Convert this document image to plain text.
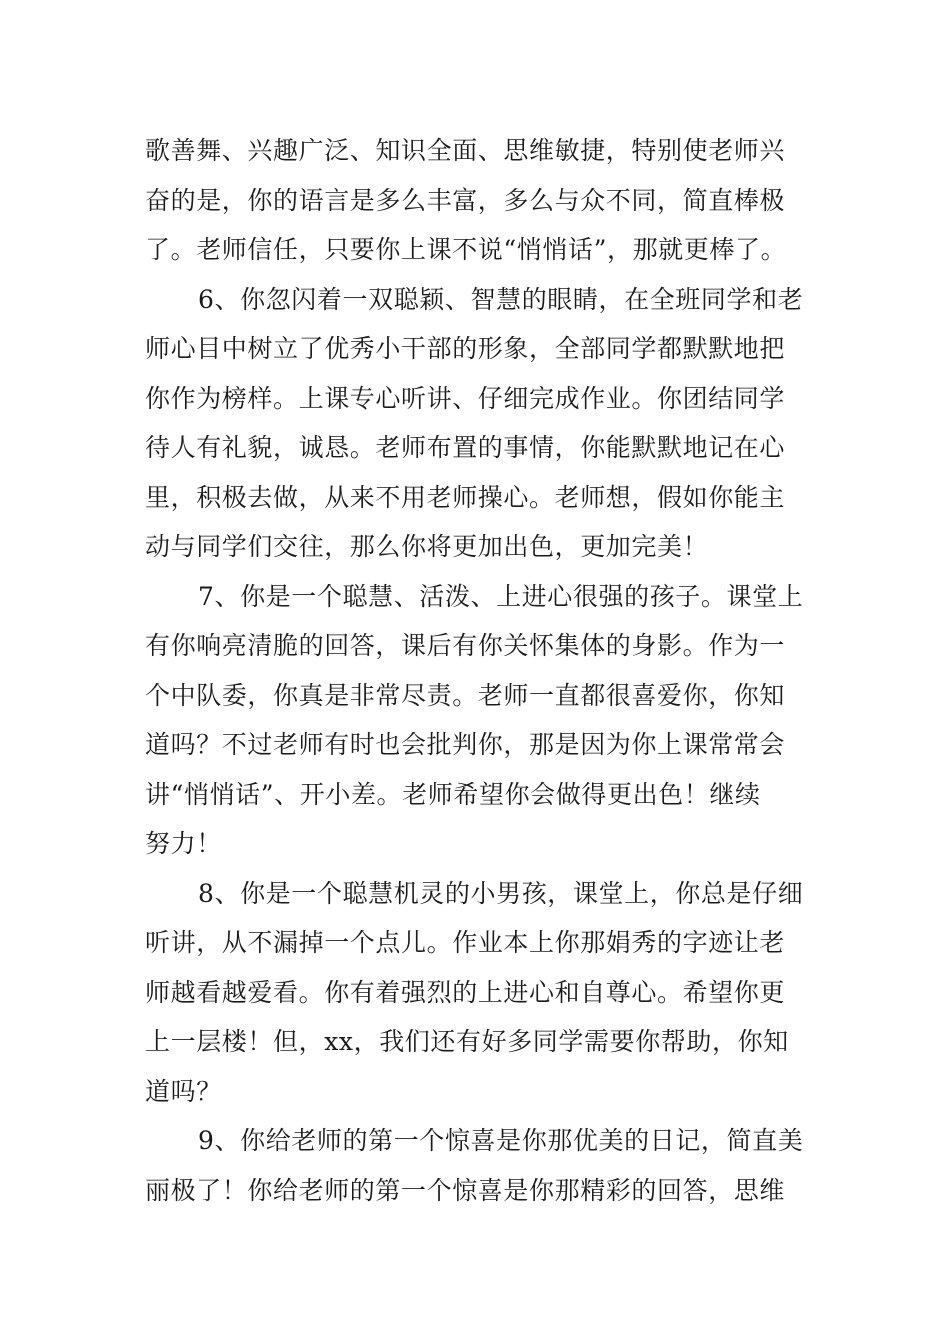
歌善舞、兴趣广泛、知识全面、思维敏捷，特别使老师兴
奋的是，你的语言是多么丰富，多么与众不同，简直棒极
了。老师信任，只要你上课不说“悄悄话”，那就更棒了。
6、你忽闪着一双聪颖、智慧的眼睛，在全班同学和老
师心目中树立了优秀小干部的形象，全部同学都默默地把
你作为榜样。上课专心听讲、仔细完成作业。你团结同学
待人有礼貌，诚恳。老师布置的事情，你能默默地记在心
里，积极去做，从来不用老师操心。老师想，假如你能主
动与同学们交往，那么你将更加出色，更加完美！
7、你是一个聪慧、活泼、上进心很强的孩子。课堂上
有你响亮清脆的回答，课后有你关怀集体的身影。作为一
个中队委，你真是非常尽责。老师一直都很喜爱你，你知
道吗？不过老师有时也会批判你，那是因为你上课常常会
讲“悄悄话”、开小差。老师希望你会做得更出色！继续
努力！
8、你是一个聪慧机灵的小男孩，课堂上，你总是仔细
听讲，从不漏掉一个点儿。作业本上你那娟秀的字迹让老
师越看越爱看。你有着强烈的上进心和自尊心。希望你更
上一层楼！但，xx，我们还有好多同学需要你帮助，你知
道吗？
9、你给老师的第一个惊喜是你那优美的日记，简直美
丽极了！你给老师的第一个惊喜是你那精彩的回答，思维
